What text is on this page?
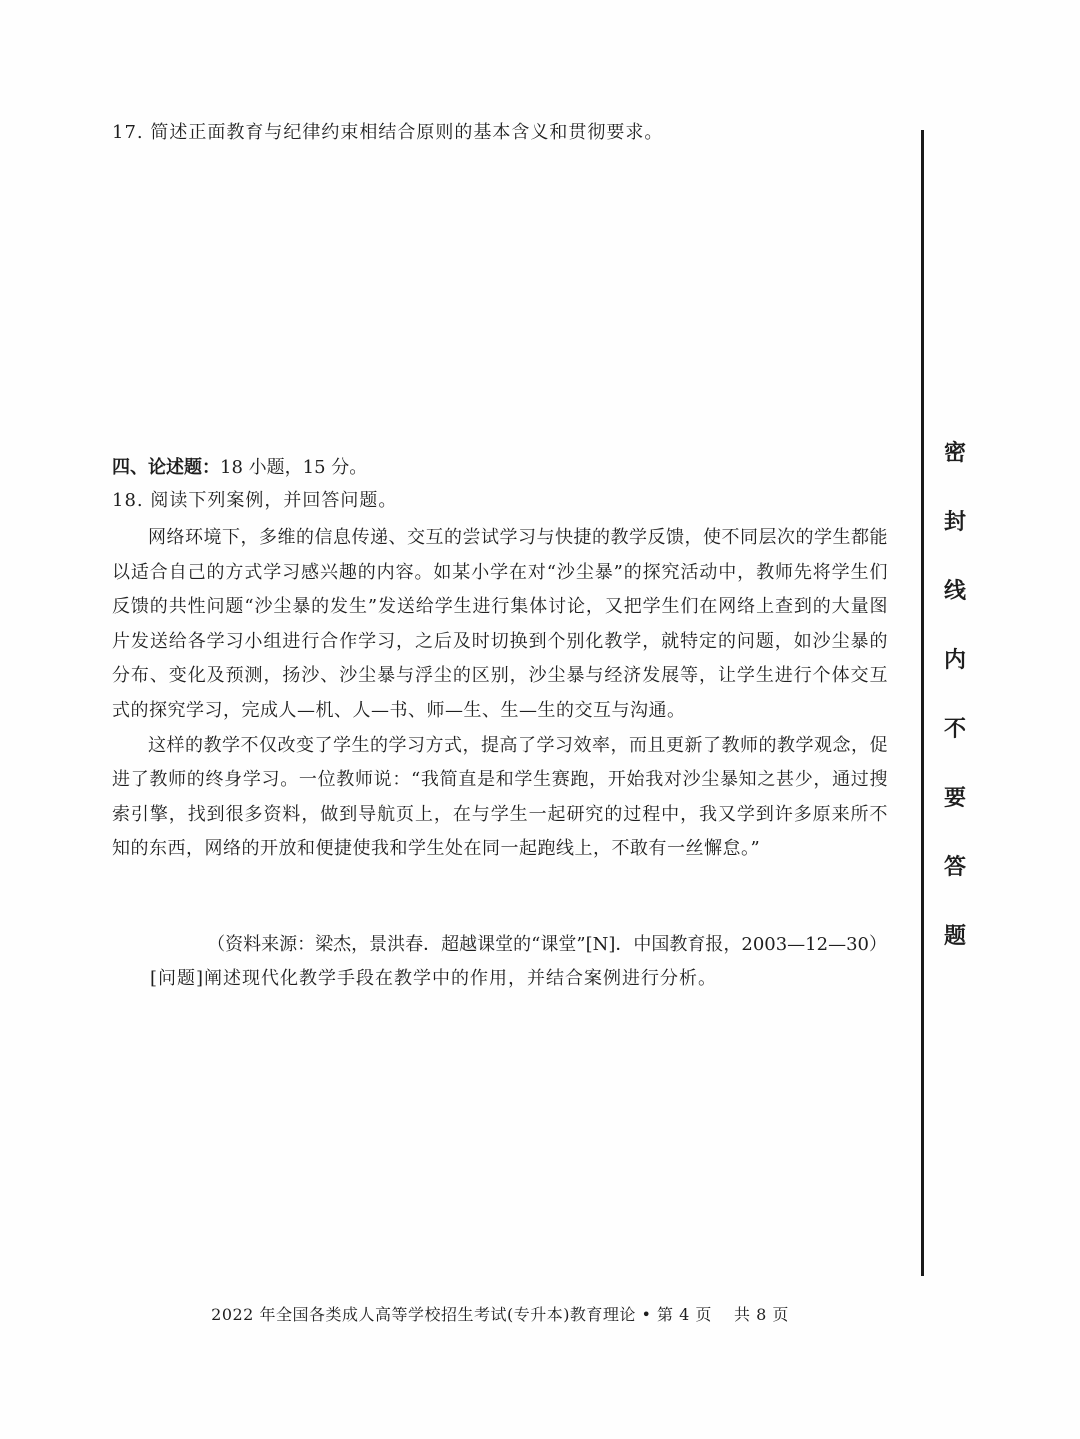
17. 简述正面教育与纪律约束相结合原则的基本含义和贯彻要求。
四、论述题：18 小题，15 分。
18. 阅读下列案例，并回答问题。

网络环境下，多维的信息传递、交互的尝试学习与快捷的教学反馈，使不同层次的学生都能以适合自己的方式学习感兴趣的内容。如某小学在对“沙尘暴”的探究活动中，教师先将学生们反馈的共性问题“沙尘暴的发生”发送给学生进行集体讨论，又把学生们在网络上查到的大量图片发送给各学习小组进行合作学习，之后及时切换到个别化教学，就特定的问题，如沙尘暴的分布、变化及预测，扬沙、沙尘暴与浮尘的区别，沙尘暴与经济发展等，让学生进行个体交互式的探究学习，完成人—机、人—书、师—生、生—生的交互与沟通。

这样的教学不仅改变了学生的学习方式，提高了学习效率，而且更新了教师的教学观念，促进了教师的终身学习。一位教师说：“我简直是和学生赛跑，开始我对沙尘暴知之甚少，通过搜索引擎，找到很多资料，做到导航页上，在与学生一起研究的过程中，我又学到许多原来所不知的东西，网络的开放和便捷使我和学生处在同一起跑线上，不敢有一丝懈怠。”

（资料来源：梁杰，景洪春．超越课堂的“课堂”[N]．中国教育报，2003—12—30）
[问题]阐述现代化教学手段在教学中的作用，并结合案例进行分析。
密
封
线
内
不
要
答
题
2022 年全国各类成人高等学校招生考试(专升本)教育理论 • 第 4 页　 共 8 页
